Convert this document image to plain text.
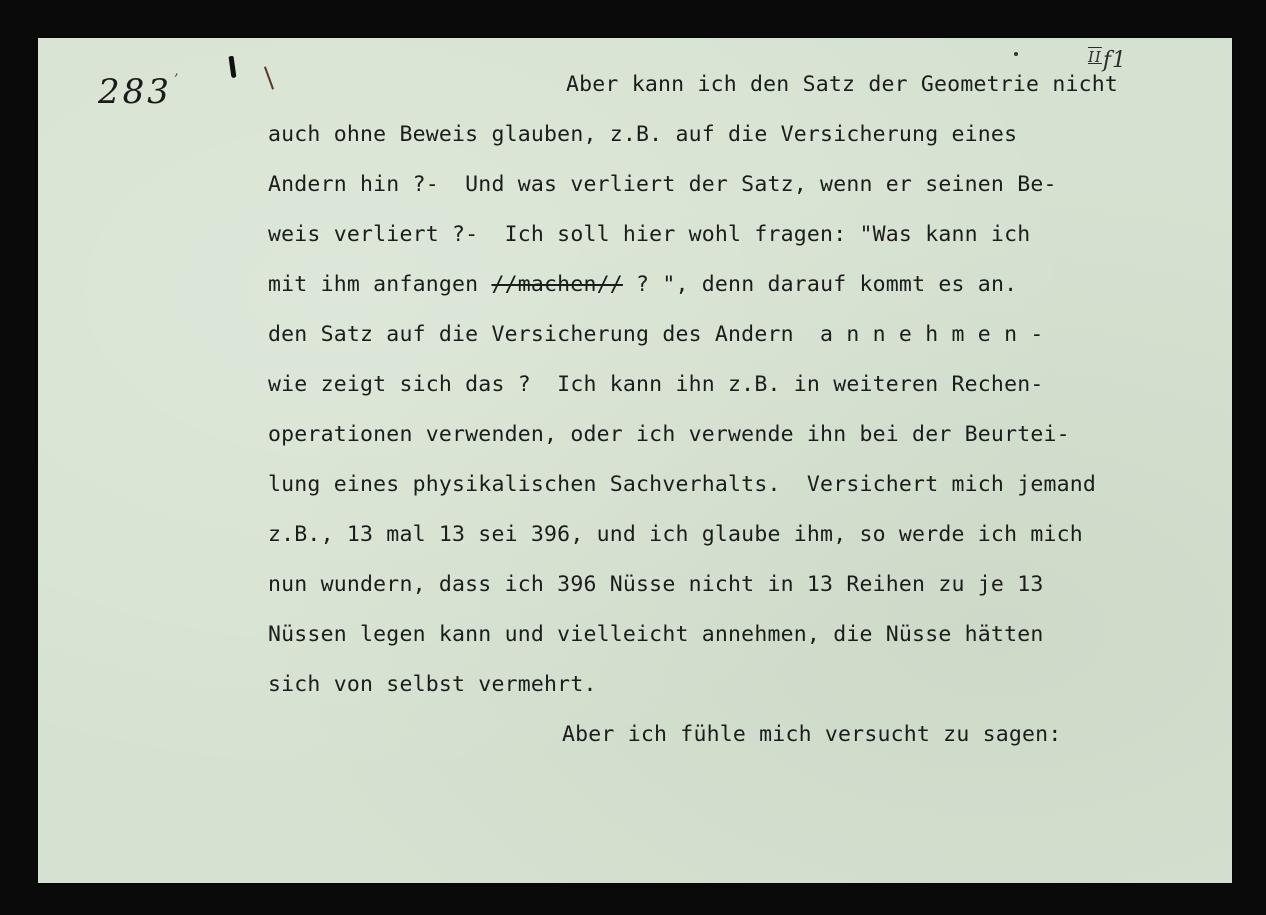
283 ’
$^{II}$f1
Aber kann ich den Satz der Geometrie nicht
auch ohne Beweis glauben, z.B. auf die Versicherung eines
Andern hin ?-  Und was verliert der Satz, wenn er seinen Be-
weis verliert ?-  Ich soll hier wohl fragen: "Was kann ich
mit ihm anfangen //machen// ? ", denn darauf kommt es an.
den Satz auf die Versicherung des Andern  a n n e h m e n -
wie zeigt sich das ?  Ich kann ihn z.B. in weiteren Rechen-
operationen verwenden, oder ich verwende ihn bei der Beurtei-
lung eines physikalischen Sachverhalts.  Versichert mich jemand
z.B., 13 mal 13 sei 396, und ich glaube ihm, so werde ich mich
nun wundern, dass ich 396 Nüsse nicht in 13 Reihen zu je 13
Nüssen legen kann und vielleicht annehmen, die Nüsse hätten
sich von selbst vermehrt.
Aber ich fühle mich versucht zu sagen:
